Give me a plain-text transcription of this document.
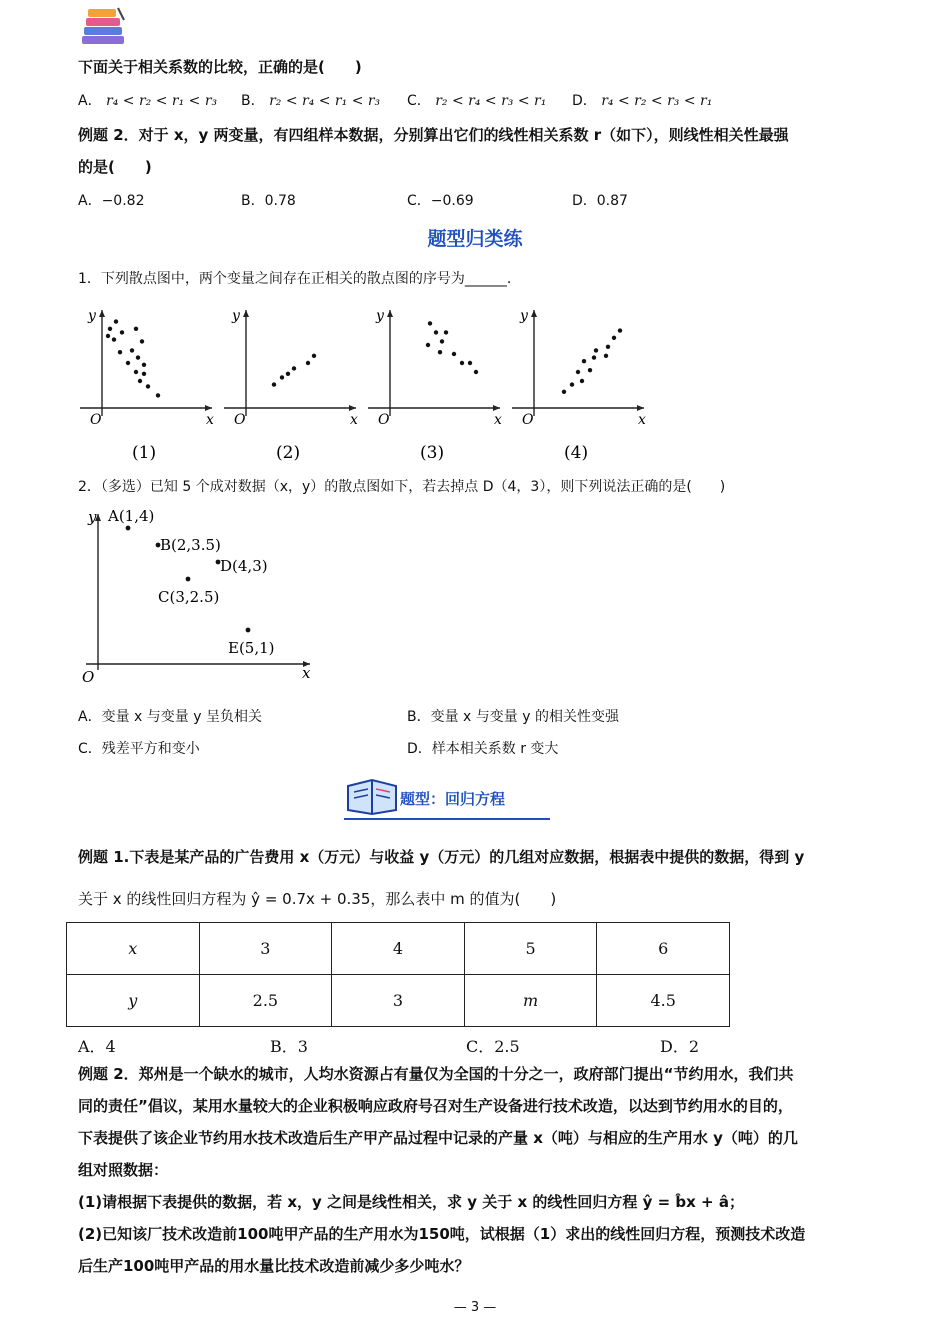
下面关于相关系数的比较，正确的是(　　)
A． r₄ < r₂ < r₁ < r₃ B． r₂ < r₄ < r₁ < r₃ C． r₂ < r₄ < r₃ < r₁ D． r₄ < r₂ < r₃ < r₁
例题 2．对于 x，y 两变量，有四组样本数据，分别算出它们的线性相关系数 r（如下），则线性相关性最强
的是(　　)
A．−0.82	B．0.78	C．−0.69	D．0.87
题型归类练
1．下列散点图中，两个变量之间存在正相关的散点图的序号为______．
O	x
y
(1)
O	x
y
(2)
O	x
y
(3)
O	x
y
(4)
2．（多选）已知 5 个成对数据（x，y）的散点图如下，若去掉点 D（4，3），则下列说法正确的是(　　)
O	x
y A(1,4)
B(2,3.5)
C(3,2.5)
D(4,3)
E(5,1)
A．变量 x 与变量 y 呈负相关	B．变量 x 与变量 y 的相关性变强
C．残差平方和变小	D．样本相关系数 r 变大
题型：回归方程
例题 1.下表是某产品的广告费用 x（万元）与收益 y（万元）的几组对应数据，根据表中提供的数据，得到 y
关于 x 的线性回归方程为 ŷ = 0.7x + 0.35，那么表中 m 的值为(　　)
x	3	4	5	6
y	2.5	3	m	4.5
A．4	B．3	C．2.5	D．2
例题 2．郑州是一个缺水的城市，人均水资源占有量仅为全国的十分之一，政府部门提出“节约用水，我们共
同的责任”倡议，某用水量较大的企业积极响应政府号召对生产设备进行技术改造，以达到节约用水的目的，
下表提供了该企业节约用水技术改造后生产甲产品过程中记录的产量 x（吨）与相应的生产用水 y（吨）的几
组对照数据：
(1)请根据下表提供的数据，若 x，y 之间是线性相关，求 y 关于 x 的线性回归方程 ŷ = b̂x + â；
(2)已知该厂技术改造前100吨甲产品的生产用水为150吨，试根据（1）求出的线性回归方程，预测技术改造
后生产100吨甲产品的用水量比技术改造前减少多少吨水？
— 3 —
